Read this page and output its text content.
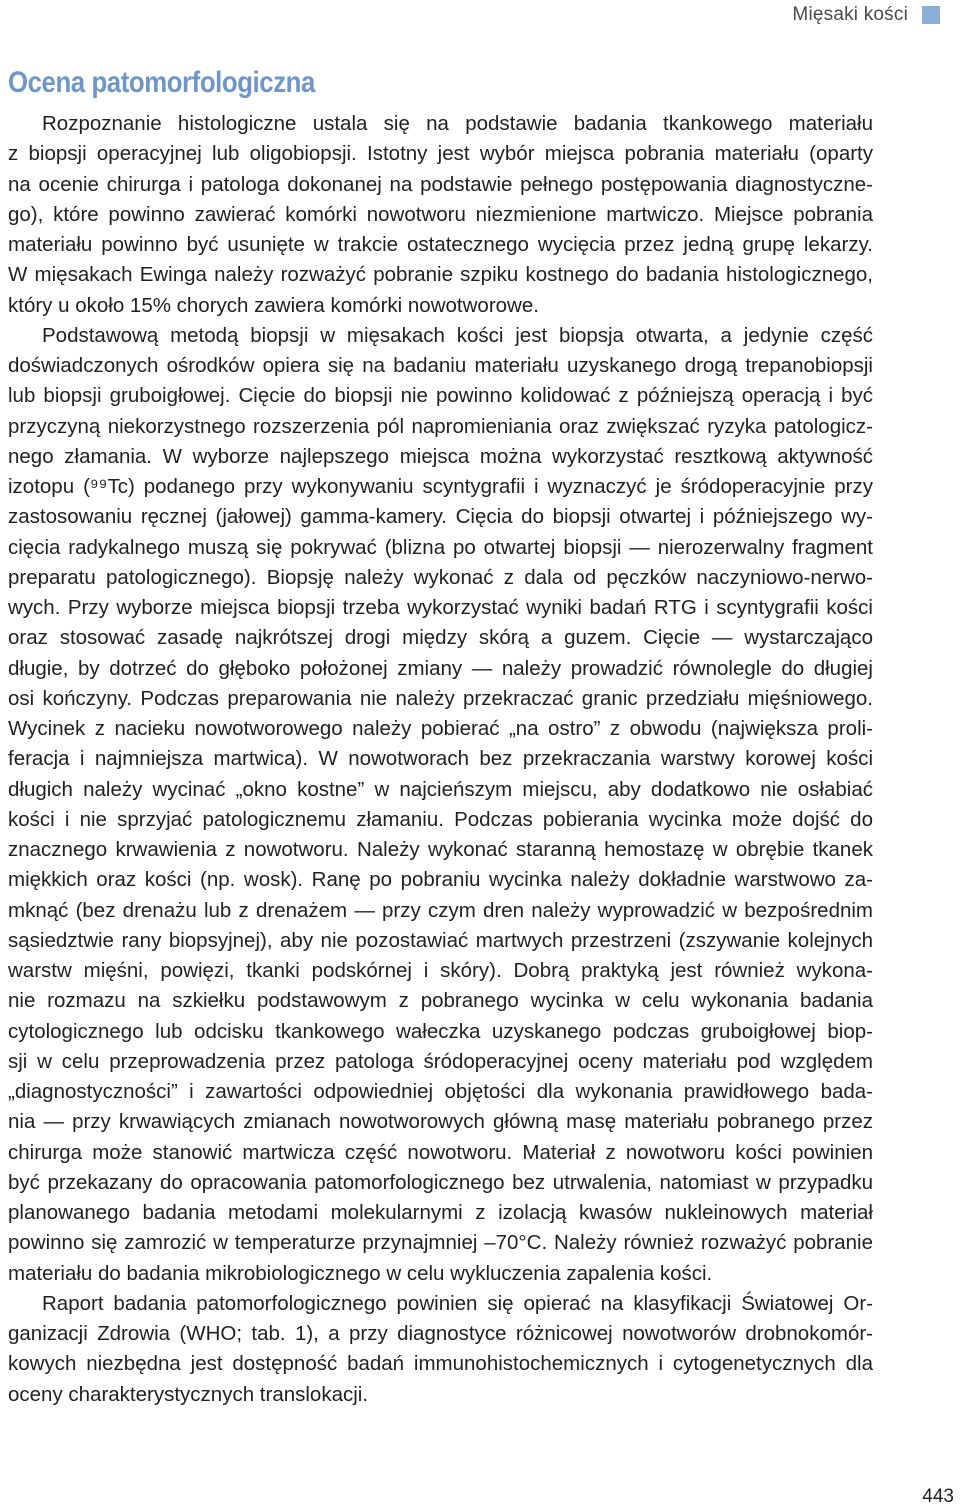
Mięsaki kości
Ocena patomorfologiczna
Rozpoznanie histologiczne ustala się na podstawie badania tkankowego materiału
z biopsji operacyjnej lub oligobiopsji. Istotny jest wybór miejsca pobrania materiału (oparty
na ocenie chirurga i patologa dokonanej na podstawie pełnego postępowania diagnostyczne-
go), które powinno zawierać komórki nowotworu niezmienione martwiczo. Miejsce pobrania
materiału powinno być usunięte w trakcie ostatecznego wycięcia przez jedną grupę lekarzy.
W mięsakach Ewinga należy rozważyć pobranie szpiku kostnego do badania histologicznego,
który u około 15% chorych zawiera komórki nowotworowe.
Podstawową metodą biopsji w mięsakach kości jest biopsja otwarta, a jedynie część
doświadczonych ośrodków opiera się na badaniu materiału uzyskanego drogą trepanobiopsji
lub biopsji gruboigłowej. Cięcie do biopsji nie powinno kolidować z późniejszą operacją i być
przyczyną niekorzystnego rozszerzenia pól napromieniania oraz zwiększać ryzyka patologicz-
nego złamania. W wyborze najlepszego miejsca można wykorzystać resztkową aktywność
izotopu (⁹⁹Tc) podanego przy wykonywaniu scyntygrafii i wyznaczyć je śródoperacyjnie przy
zastosowaniu ręcznej (jałowej) gamma-kamery. Cięcia do biopsji otwartej i późniejszego wy-
cięcia radykalnego muszą się pokrywać (blizna po otwartej biopsji — nierozerwalny fragment
preparatu patologicznego). Biopsję należy wykonać z dala od pęczków naczyniowo-nerwo-
wych. Przy wyborze miejsca biopsji trzeba wykorzystać wyniki badań RTG i scyntygrafii kości
oraz stosować zasadę najkrótszej drogi między skórą a guzem. Cięcie — wystarczająco
długie, by dotrzeć do głęboko położonej zmiany — należy prowadzić równolegle do długiej
osi kończyny. Podczas preparowania nie należy przekraczać granic przedziału mięśniowego.
Wycinek z nacieku nowotworowego należy pobierać „na ostro” z obwodu (największa proli-
feracja i najmniejsza martwica). W nowotworach bez przekraczania warstwy korowej kości
długich należy wycinać „okno kostne” w najcieńszym miejscu, aby dodatkowo nie osłabiać
kości i nie sprzyjać patologicznemu złamaniu. Podczas pobierania wycinka może dojść do
znacznego krwawienia z nowotworu. Należy wykonać staranną hemostazę w obrębie tkanek
miękkich oraz kości (np. wosk). Ranę po pobraniu wycinka należy dokładnie warstwowo za-
mknąć (bez drenażu lub z drenażem — przy czym dren należy wyprowadzić w bezpośrednim
sąsiedztwie rany biopsyjnej), aby nie pozostawiać martwych przestrzeni (zszywanie kolejnych
warstw mięśni, powięzi, tkanki podskórnej i skóry). Dobrą praktyką jest również wykona-
nie rozmazu na szkiełku podstawowym z pobranego wycinka w celu wykonania badania
cytologicznego lub odcisku tkankowego wałeczka uzyskanego podczas gruboigłowej biop-
sji w celu przeprowadzenia przez patologa śródoperacyjnej oceny materiału pod względem
„diagnostyczności” i zawartości odpowiedniej objętości dla wykonania prawidłowego bada-
nia — przy krwawiących zmianach nowotworowych główną masę materiału pobranego przez
chirurga może stanowić martwicza część nowotworu. Materiał z nowotworu kości powinien
być przekazany do opracowania patomorfologicznego bez utrwalenia, natomiast w przypadku
planowanego badania metodami molekularnymi z izolacją kwasów nukleinowych materiał
powinno się zamrozić w temperaturze przynajmniej –70°C. Należy również rozważyć pobranie
materiału do badania mikrobiologicznego w celu wykluczenia zapalenia kości.
Raport badania patomorfologicznego powinien się opierać na klasyfikacji Światowej Or-
ganizacji Zdrowia (WHO; tab. 1), a przy diagnostyce różnicowej nowotworów drobnokomór-
kowych niezbędna jest dostępność badań immunohistochemicznych i cytogenetycznych dla
oceny charakterystycznych translokacji.
443
